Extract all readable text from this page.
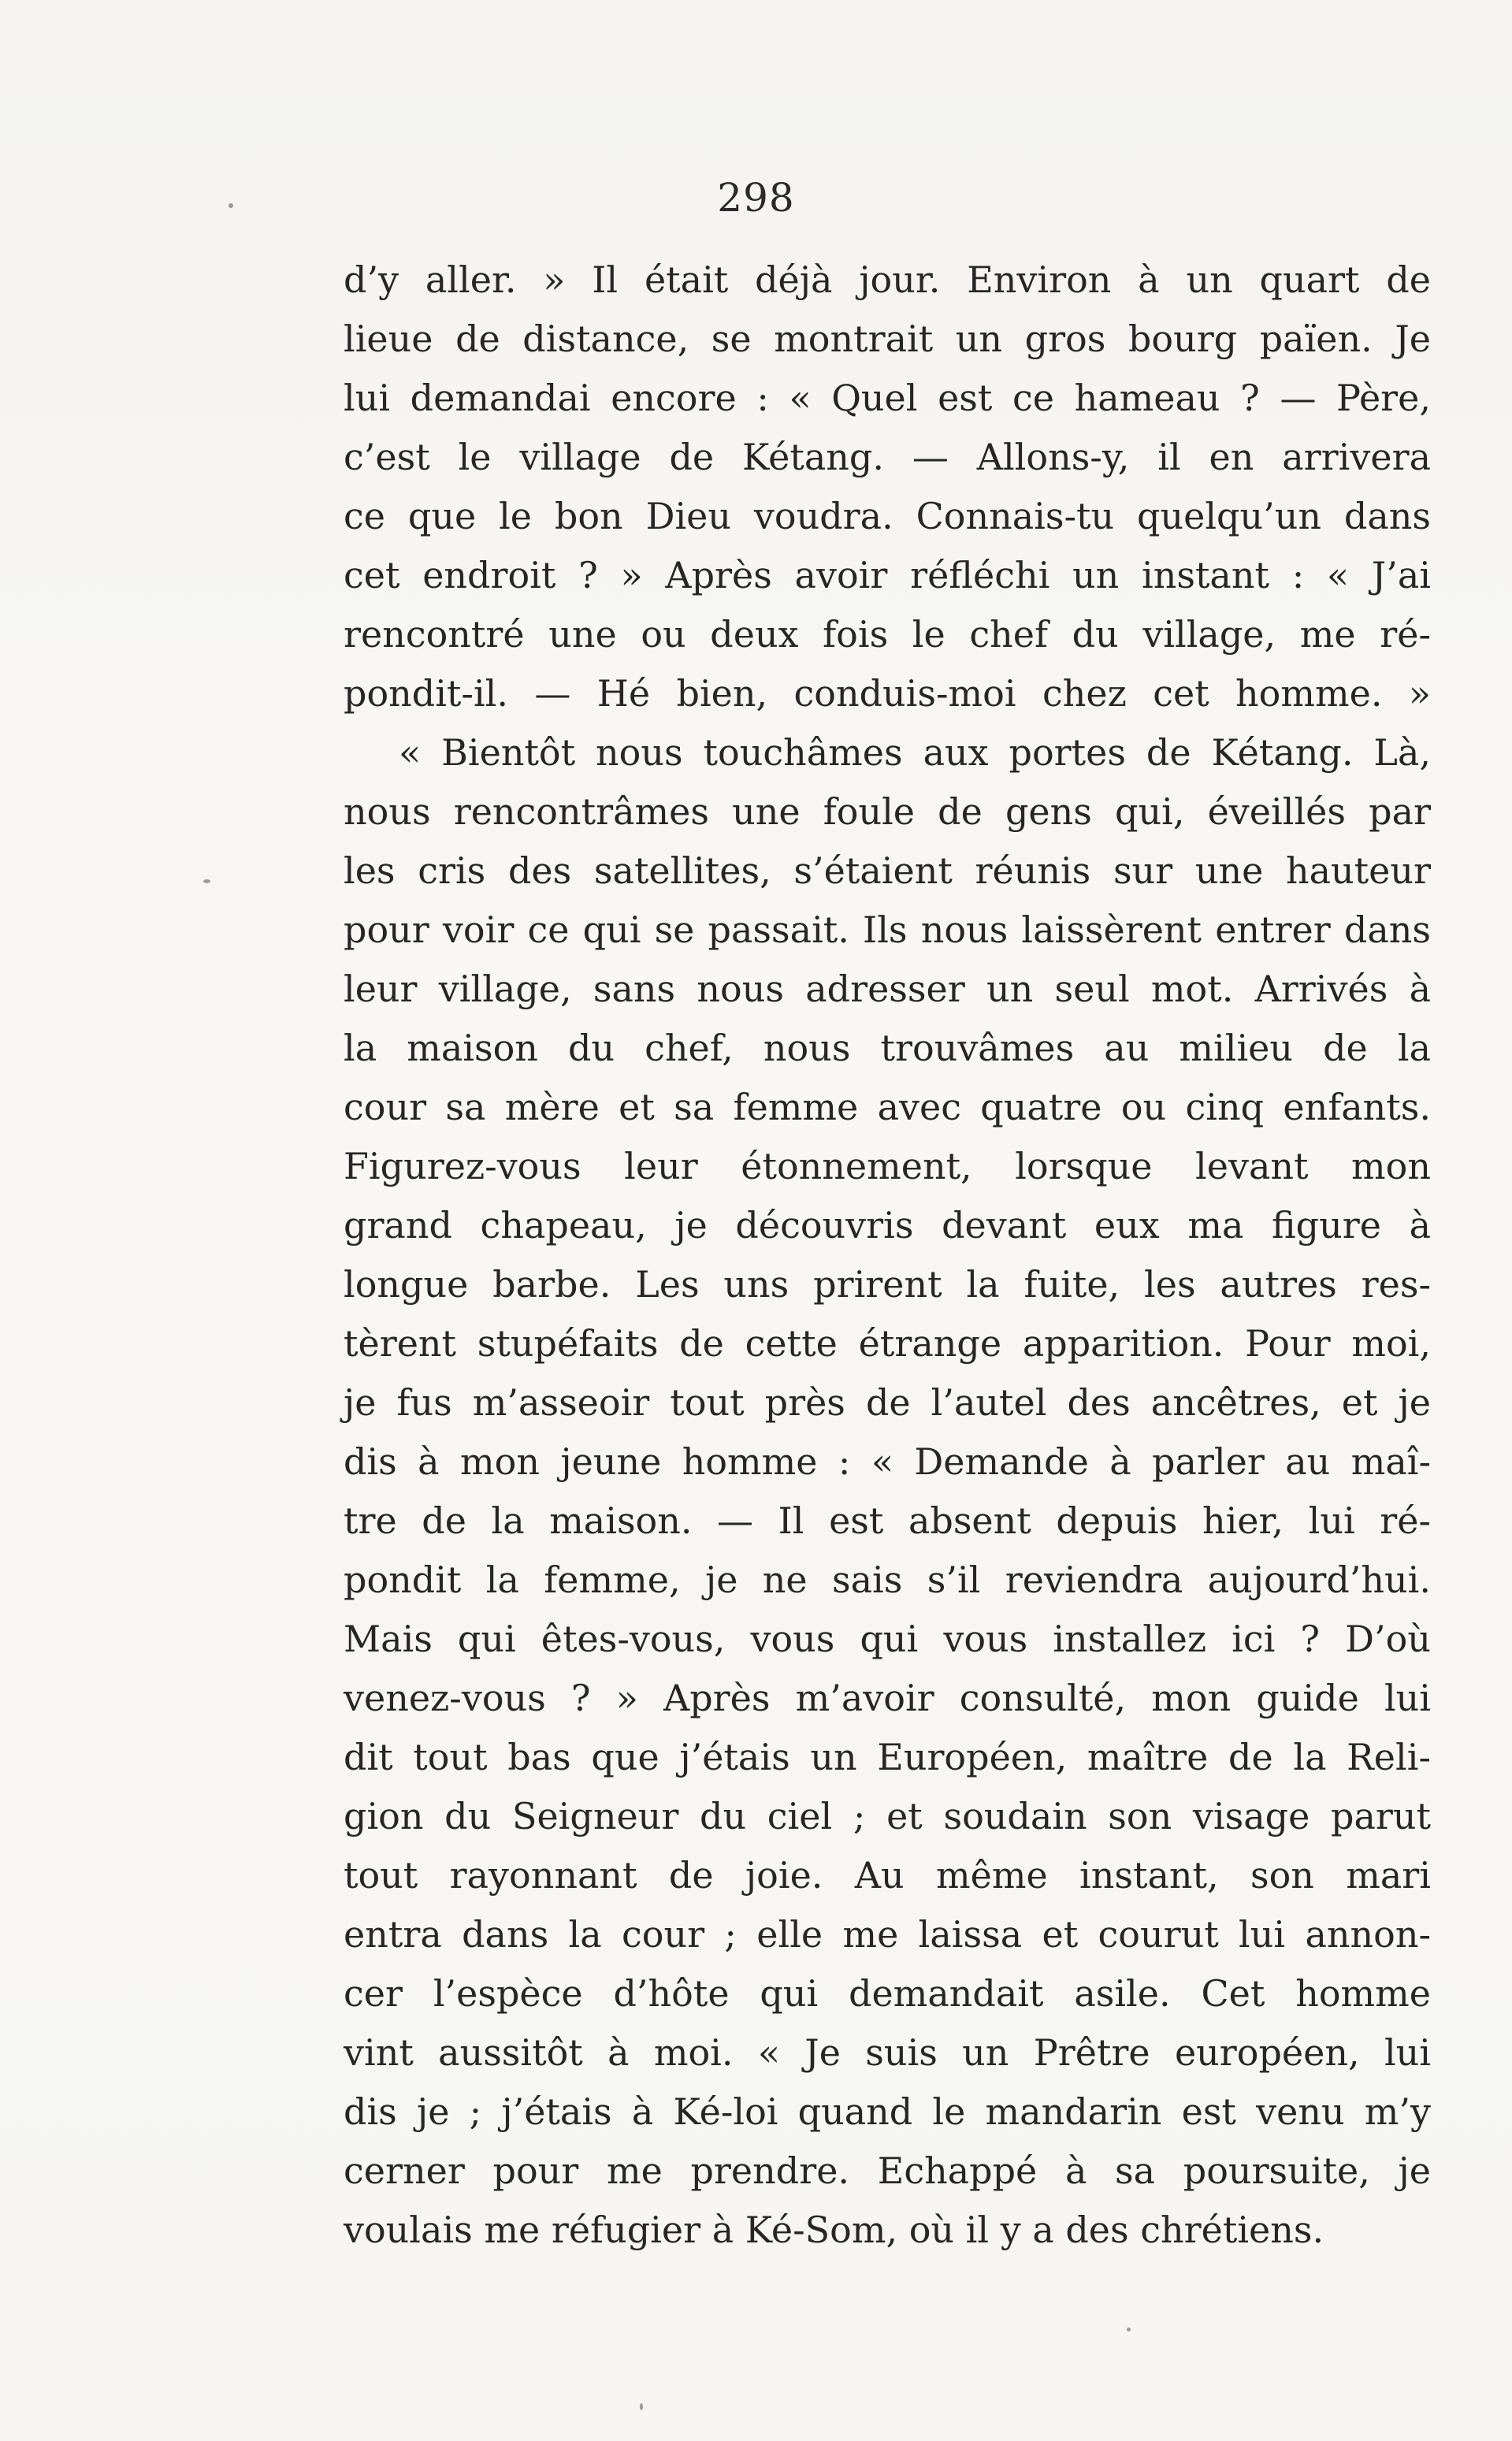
298
d’y aller. » Il était déjà jour. Environ à un quart de
lieue de distance, se montrait un gros bourg païen. Je
lui demandai encore : « Quel est ce hameau ? — Père,
c’est le village de Kétang. — Allons-y, il en arrivera
ce que le bon Dieu voudra. Connais-tu quelqu’un dans
cet endroit ? » Après avoir réfléchi un instant : « J’ai
rencontré une ou deux fois le chef du village, me ré-
pondit-il. — Hé bien, conduis-moi chez cet homme. »
« Bientôt nous touchâmes aux portes de Kétang. Là,
nous rencontrâmes une foule de gens qui, éveillés par
les cris des satellites, s’étaient réunis sur une hauteur
pour voir ce qui se passait. Ils nous laissèrent entrer dans
leur village, sans nous adresser un seul mot. Arrivés à
la maison du chef, nous trouvâmes au milieu de la
cour sa mère et sa femme avec quatre ou cinq enfants.
Figurez-vous leur étonnement, lorsque levant mon
grand chapeau, je découvris devant eux ma figure à
longue barbe. Les uns prirent la fuite, les autres res-
tèrent stupéfaits de cette étrange apparition. Pour moi,
je fus m’asseoir tout près de l’autel des ancêtres, et je
dis à mon jeune homme : « Demande à parler au maî-
tre de la maison. — Il est absent depuis hier, lui ré-
pondit la femme, je ne sais s’il reviendra aujourd’hui.
Mais qui êtes-vous, vous qui vous installez ici ? D’où
venez-vous ? » Après m’avoir consulté, mon guide lui
dit tout bas que j’étais un Européen, maître de la Reli-
gion du Seigneur du ciel ; et soudain son visage parut
tout rayonnant de joie. Au même instant, son mari
entra dans la cour ; elle me laissa et courut lui annon-
cer l’espèce d’hôte qui demandait asile. Cet homme
vint aussitôt à moi. « Je suis un Prêtre européen, lui
dis je ; j’étais à Ké-loi quand le mandarin est venu m’y
cerner pour me prendre. Echappé à sa poursuite, je
voulais me réfugier à Ké-Som, où il y a des chrétiens.
